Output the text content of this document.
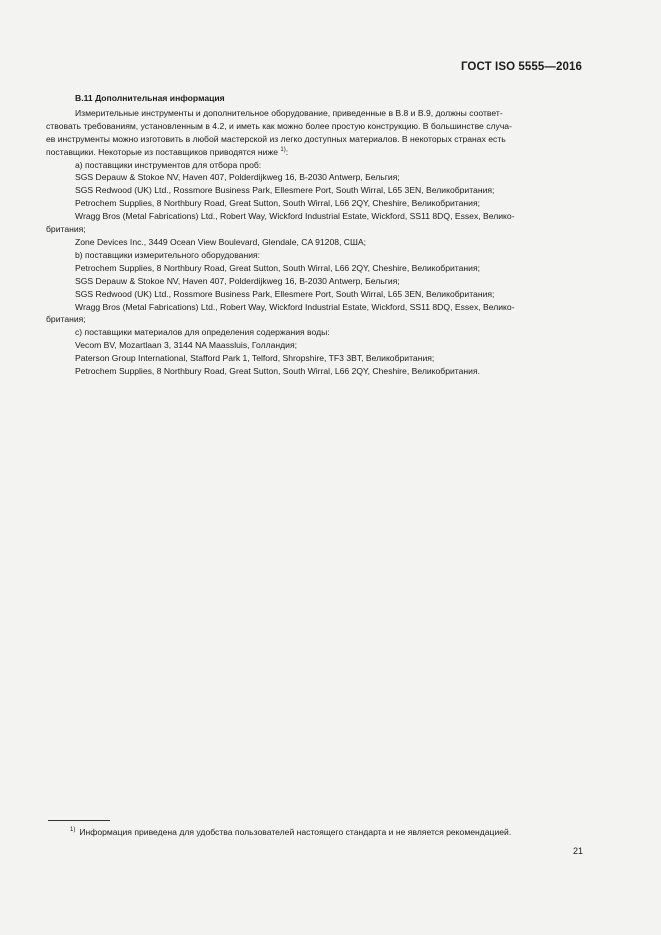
ГОСТ ISO 5555—2016
В.11 Дополнительная информация
Измерительные инструменты и дополнительное оборудование, приведенные в В.8 и В.9, должны соответ-
ствовать требованиям, установленным в 4.2, и иметь как можно более простую конструкцию. В большинстве случа-
ев инструменты можно изготовить в любой мастерской из легко доступных материалов. В некоторых странах есть
поставщики. Некоторые из поставщиков приводятся ниже $^{1)}$:
a) поставщики инструментов для отбора проб:
SGS Depauw & Stokoe NV, Haven 407, Polderdijkweg 16, B-2030 Antwerp, Бельгия;
SGS Redwood (UK) Ltd., Rossmore Business Park, Ellesmere Port, South Wirral, L65 3EN, Великобритания;
Petrochem Supplies, 8 Northbury Road, Great Sutton, South Wirral, L66 2QY, Cheshire, Великобритания;
Wragg Bros (Metal Fabrications) Ltd., Robert Way, Wickford Industrial Estate, Wickford, SS11 8DQ, Essex, Велико-
британия;
Zone Devices Inc., 3449 Ocean View Boulevard, Glendale, CA 91208, США;
b) поставщики измерительного оборудования:
Petrochem Supplies, 8 Northbury Road, Great Sutton, South Wirral, L66 2QY, Cheshire, Великобритания;
SGS Depauw & Stokoe NV, Haven 407, Polderdijkweg 16, B-2030 Antwerp, Бельгия;
SGS Redwood (UK) Ltd., Rossmore Business Park, Ellesmere Port, South Wirral, L65 3EN, Великобритания;
Wragg Bros (Metal Fabrications) Ltd., Robert Way, Wickford Industrial Estate, Wickford, SS11 8DQ, Essex, Велико-
британия;
c) поставщики материалов для определения содержания воды:
Vecom BV, Mozartlaan 3, 3144 NA Maassluis, Голландия;
Paterson Group International, Stafford Park 1, Telford, Shropshire, TF3 3BT, Великобритания;
Petrochem Supplies, 8 Northbury Road, Great Sutton, South Wirral, L66 2QY, Cheshire, Великобритания.
$^{1)}$ Информация приведена для удобства пользователей настоящего стандарта и не является рекомендацией.
21
